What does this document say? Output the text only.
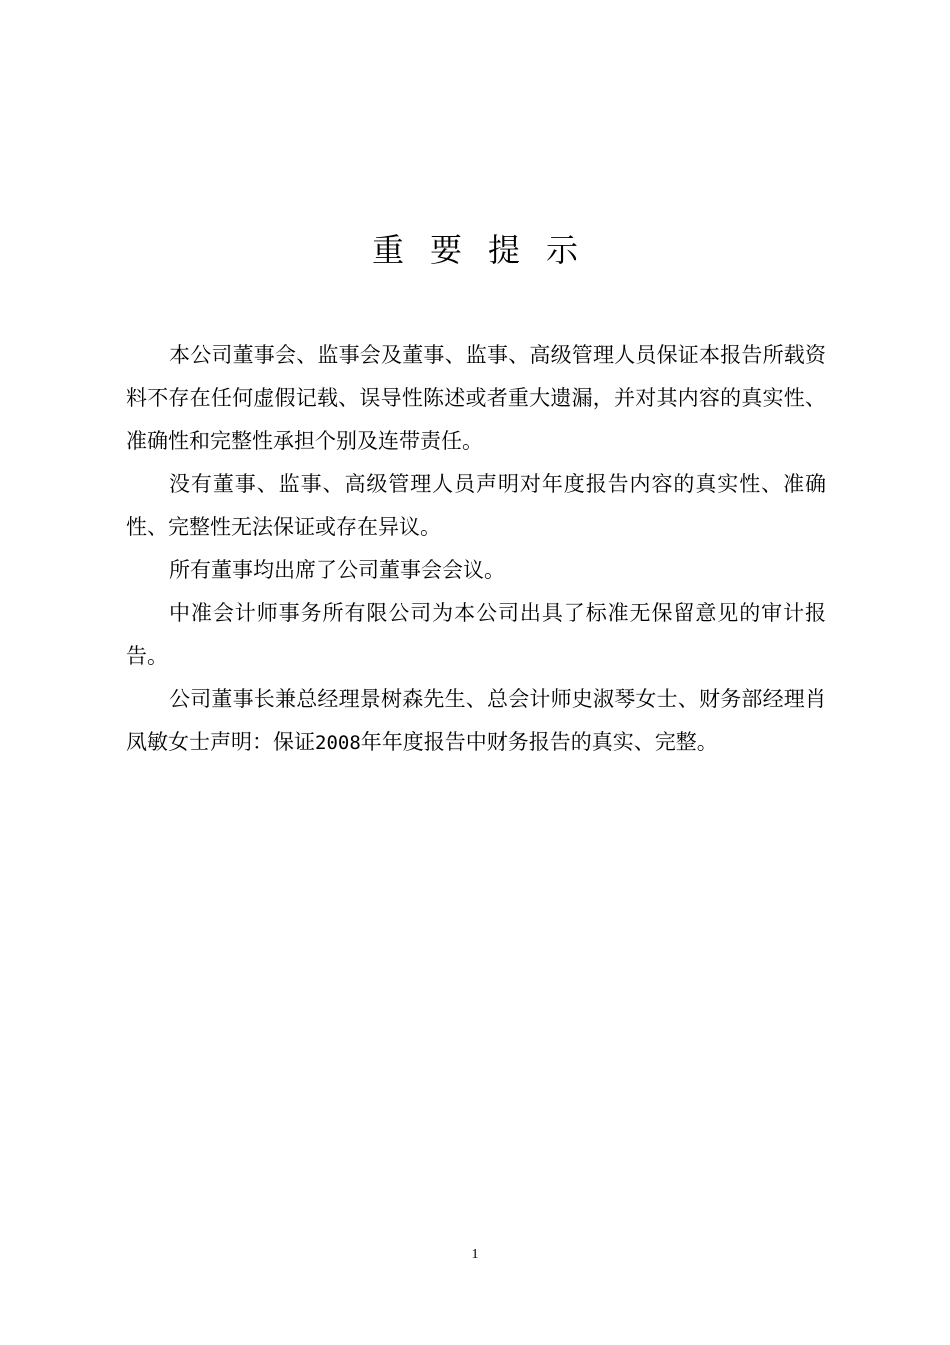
重要提示

本公司董事会、监事会及董事、监事、高级管理人员保证本报告所载资料不存在任何虚假记载、误导性陈述或者重大遗漏，并对其内容的真实性、准确性和完整性承担个别及连带责任。

没有董事、监事、高级管理人员声明对年度报告内容的真实性、准确性、完整性无法保证或存在异议。

所有董事均出席了公司董事会会议。

中准会计师事务所有限公司为本公司出具了标准无保留意见的审计报告。

公司董事长兼总经理景树森先生、总会计师史淑琴女士、财务部经理肖凤敏女士声明：保证2008年年度报告中财务报告的真实、完整。

1
